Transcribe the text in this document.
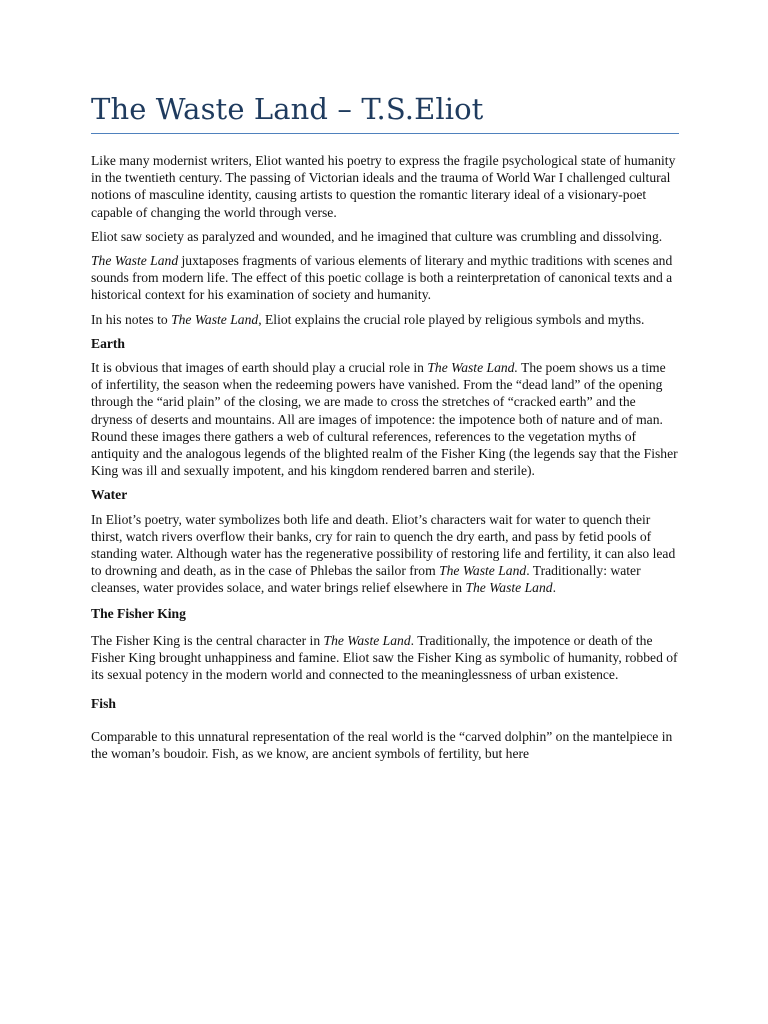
The Waste Land – T.S.Eliot

Like many modernist writers, Eliot wanted his poetry to express the fragile psychological state of humanity in the twentieth century. The passing of Victorian ideals and the trauma of World War I challenged cultural notions of masculine identity, causing artists to question the romantic literary ideal of a visionary-poet capable of changing the world through verse.

Eliot saw society as paralyzed and wounded, and he imagined that culture was crumbling and dissolving.

The Waste Land juxtaposes fragments of various elements of literary and mythic traditions with scenes and sounds from modern life. The effect of this poetic collage is both a reinterpretation of canonical texts and a historical context for his examination of society and humanity.

In his notes to The Waste Land, Eliot explains the crucial role played by religious symbols and myths.

Earth

It is obvious that images of earth should play a crucial role in The Waste Land. The poem shows us a time of infertility, the season when the redeeming powers have vanished. From the “dead land” of the opening through the “arid plain” of the closing, we are made to cross the stretches of “cracked earth” and the dryness of deserts and mountains. All are images of impotence: the impotence both of nature and of man. Round these images there gathers a web of cultural references, references to the vegetation myths of antiquity and the analogous legends of the blighted realm of the Fisher King (the legends say that the Fisher King was ill and sexually impotent, and his kingdom rendered barren and sterile).

Water

In Eliot’s poetry, water symbolizes both life and death. Eliot’s characters wait for water to quench their thirst, watch rivers overflow their banks, cry for rain to quench the dry earth, and pass by fetid pools of standing water. Although water has the regenerative possibility of restoring life and fertility, it can also lead to drowning and death, as in the case of Phlebas the sailor from The Waste Land. Traditionally: water cleanses, water provides solace, and water brings relief elsewhere in The Waste Land.

The Fisher King

The Fisher King is the central character in The Waste Land. Traditionally, the impotence or death of the Fisher King brought unhappiness and famine. Eliot saw the Fisher King as symbolic of humanity, robbed of its sexual potency in the modern world and connected to the meaninglessness of urban existence.

Fish

Comparable to this unnatural representation of the real world is the “carved dolphin” on the mantelpiece in the woman’s boudoir. Fish, as we know, are ancient symbols of fertility, but here
